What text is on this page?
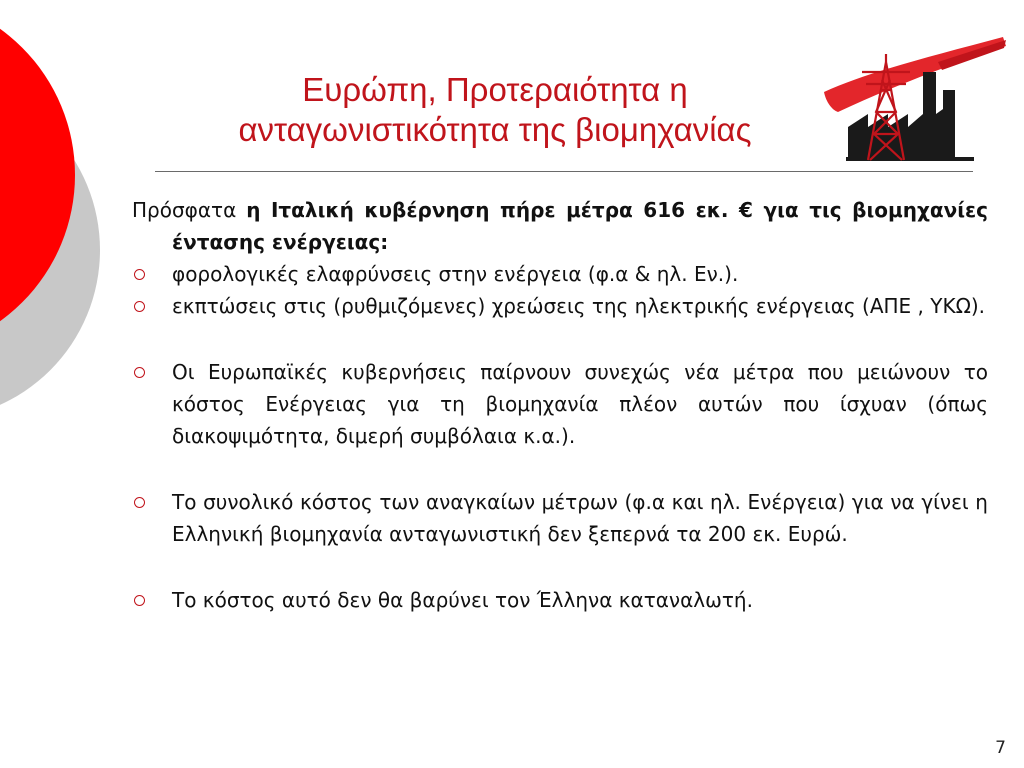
Ευρώπη, Προτεραιότητα η
ανταγωνιστικότητα της βιομηχανίας
Πρόσφατα η Ιταλική κυβέρνηση πήρε μέτρα 616 εκ. € για τις βιομηχανίες έντασης ενέργειας:
φορολογικές ελαφρύνσεις στην ενέργεια (φ.α & ηλ. Εν.).
εκπτώσεις στις (ρυθμιζόμενες) χρεώσεις της ηλεκτρικής ενέργειας (ΑΠΕ , ΥΚΩ).
Οι Ευρωπαϊκές κυβερνήσεις παίρνουν συνεχώς νέα μέτρα που μειώνουν το κόστος Ενέργειας για τη βιομηχανία πλέον αυτών που ίσχυαν (όπως διακοψιμότητα, διμερή συμβόλαια κ.α.).
Το συνολικό κόστος των αναγκαίων μέτρων (φ.α και ηλ. Ενέργεια) για να γίνει η Ελληνική βιομηχανία ανταγωνιστική δεν ξεπερνά τα 200 εκ. Ευρώ.
Το κόστος αυτό δεν θα βαρύνει τον Έλληνα καταναλωτή.
7
